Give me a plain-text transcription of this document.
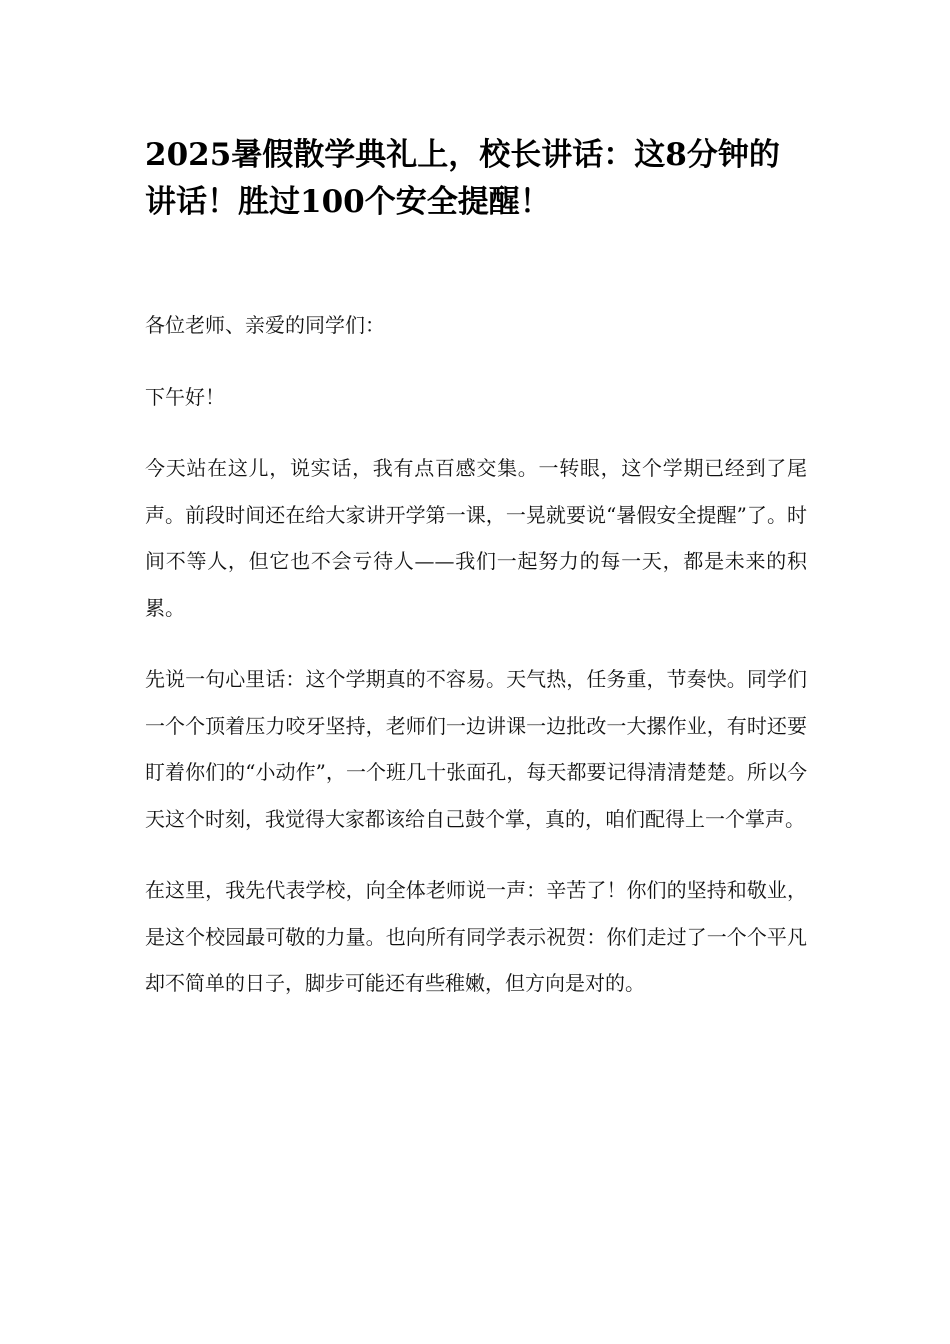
2025暑假散学典礼上，校长讲话：这8分钟的讲话！胜过100个安全提醒！

各位老师、亲爱的同学们：

下午好！

今天站在这儿，说实话，我有点百感交集。一转眼，这个学期已经到了尾声。前段时间还在给大家讲开学第一课，一晃就要说“暑假安全提醒”了。时间不等人，但它也不会亏待人——我们一起努力的每一天，都是未来的积累。

先说一句心里话：这个学期真的不容易。天气热，任务重，节奏快。同学们一个个顶着压力咬牙坚持，老师们一边讲课一边批改一大摞作业，有时还要盯着你们的“小动作”，一个班几十张面孔，每天都要记得清清楚楚。所以今天这个时刻，我觉得大家都该给自己鼓个掌，真的，咱们配得上一个掌声。

在这里，我先代表学校，向全体老师说一声：辛苦了！你们的坚持和敬业，是这个校园最可敬的力量。也向所有同学表示祝贺：你们走过了一个个平凡却不简单的日子，脚步可能还有些稚嫩，但方向是对的。
